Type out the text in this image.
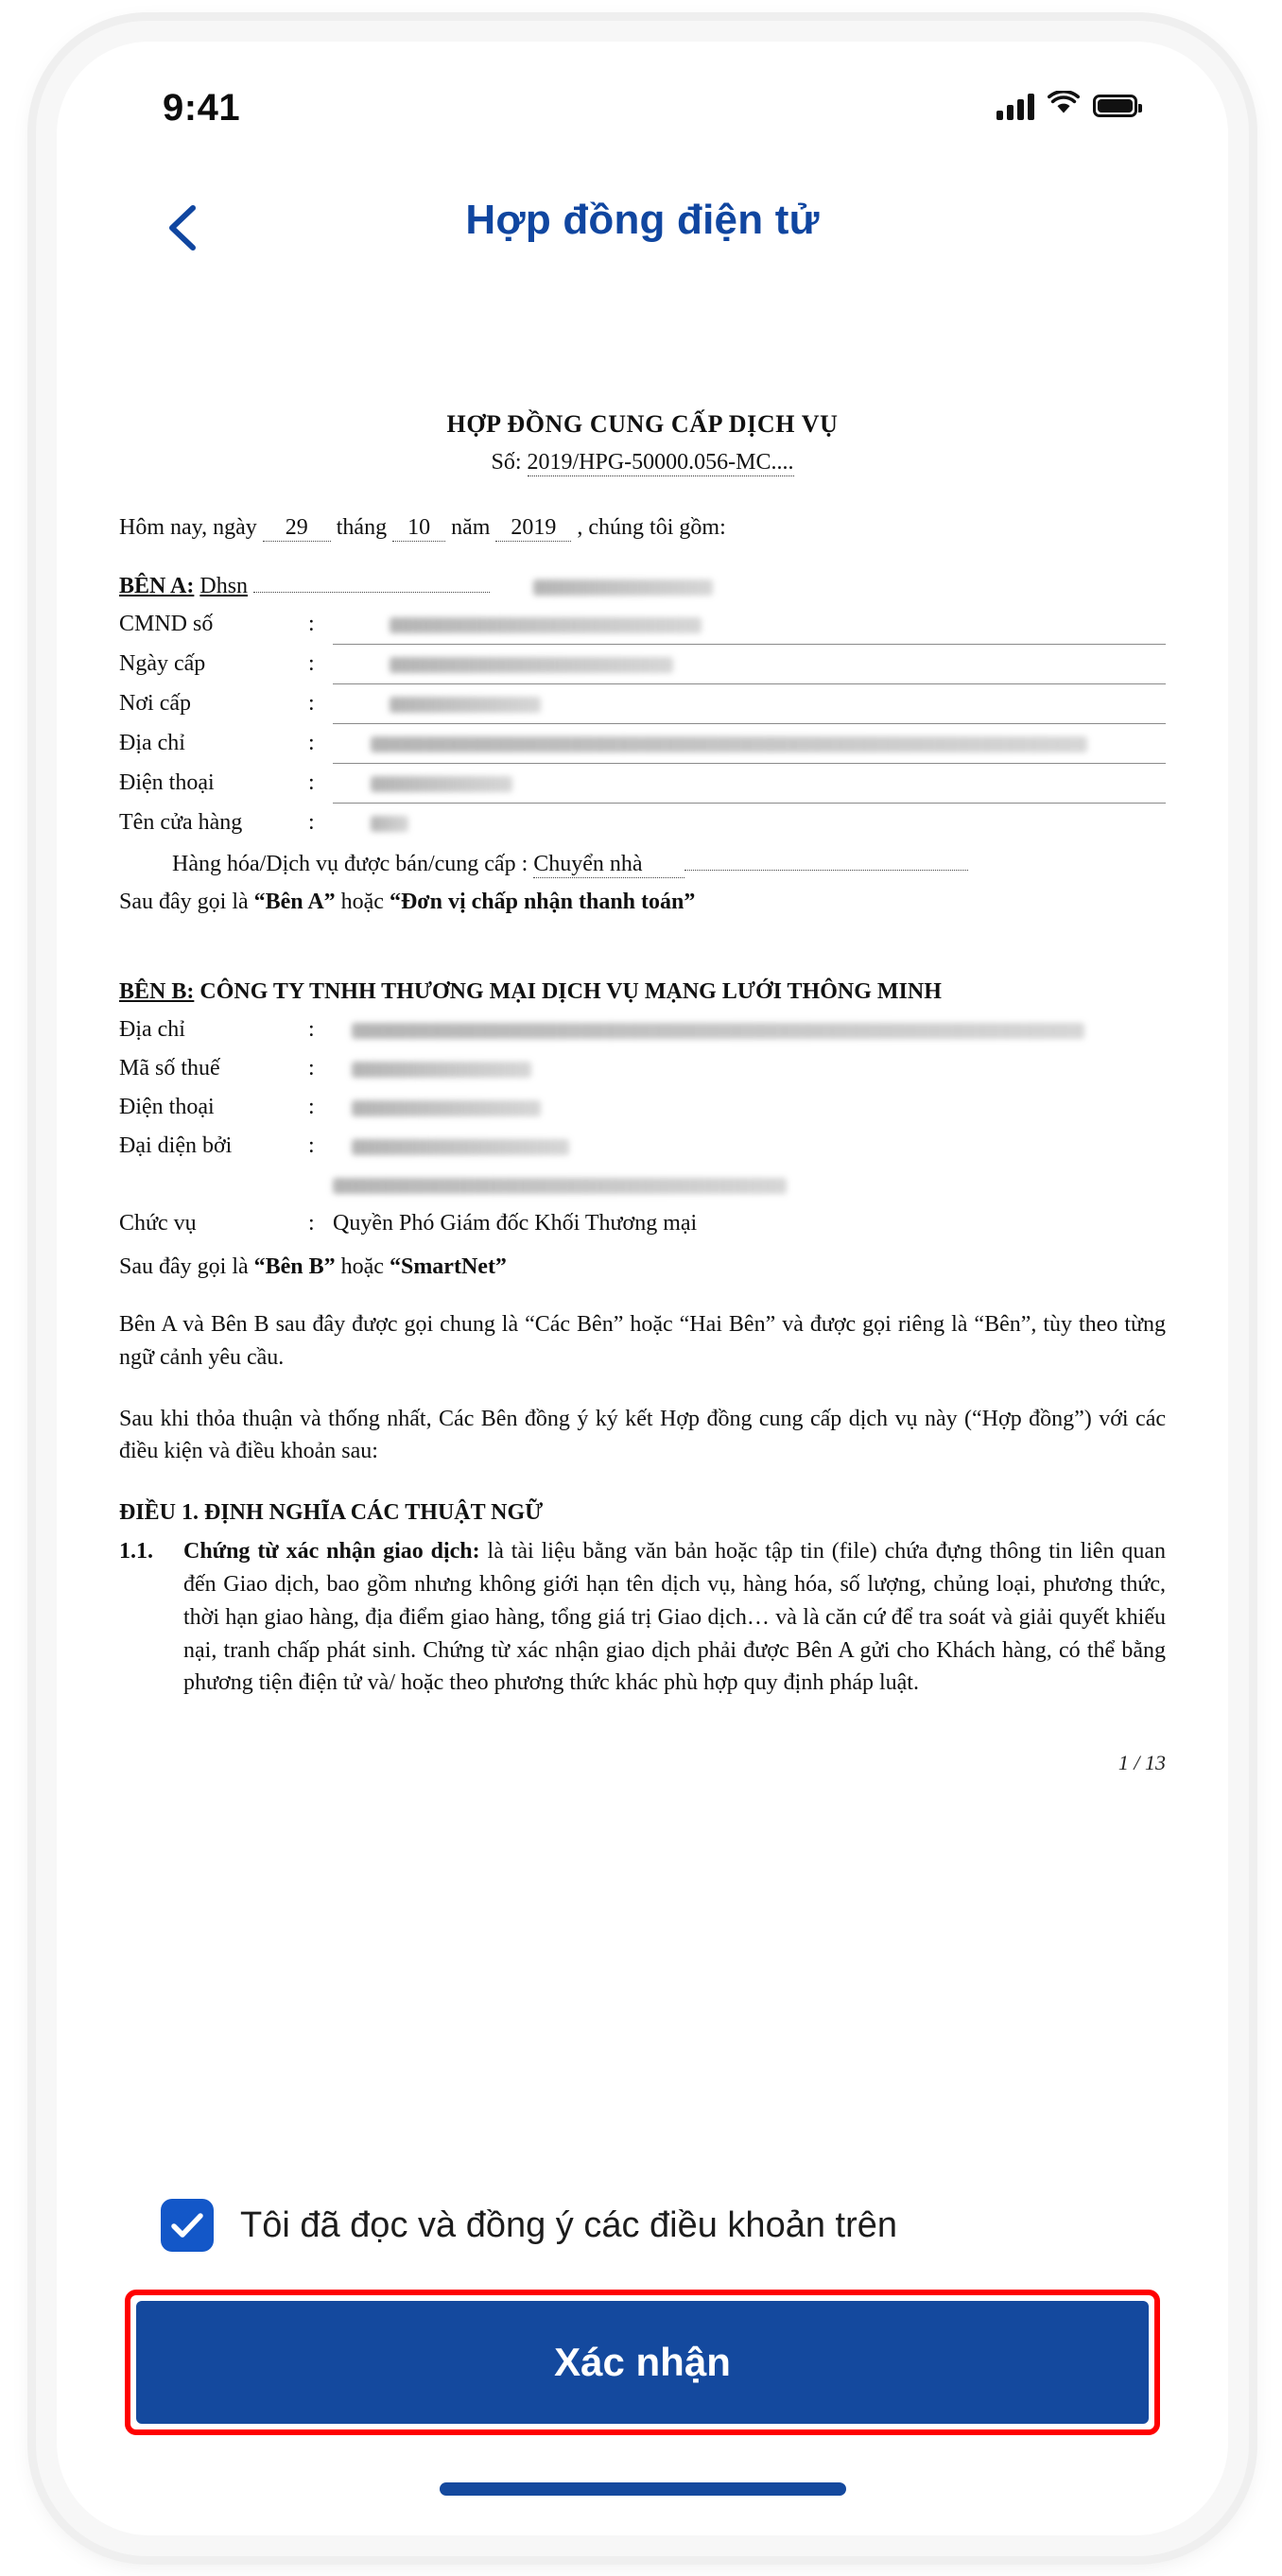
9:41
Hợp đồng điện tử
HỢP ĐỒNG CUNG CẤP DỊCH VỤ
Số: 2019/HPG-50000.056-MC....
Hôm nay, ngày 29 tháng 10 năm 2019 , chúng tôi gồm:
BÊN A: Dhsn
CMND số	:	
Ngày cấp	:	
Nơi cấp	:	
Địa chỉ	:	
Điện thoại	:	
Tên cửa hàng	:	
Hàng hóa/Dịch vụ được bán/cung cấp : Chuyển nhà
Sau đây gọi là “Bên A” hoặc “Đơn vị chấp nhận thanh toán”
BÊN B: CÔNG TY TNHH THƯƠNG MẠI DỊCH VỤ MẠNG LƯỚI THÔNG MINH
Địa chỉ	:	
Mã số thuế	:	
Điện thoại	:	
Đại diện bởi	:	

Chức vụ	:	Quyền Phó Giám đốc Khối Thương mại
Sau đây gọi là “Bên B” hoặc “SmartNet”
Bên A và Bên B sau đây được gọi chung là “Các Bên” hoặc “Hai Bên” và được gọi riêng là “Bên”, tùy theo từng ngữ cảnh yêu cầu.
Sau khi thỏa thuận và thống nhất, Các Bên đồng ý ký kết Hợp đồng cung cấp dịch vụ này (“Hợp đồng”) với các điều kiện và điều khoản sau:
ĐIỀU 1. ĐỊNH NGHĨA CÁC THUẬT NGỮ
1.1.	Chứng từ xác nhận giao dịch: là tài liệu bằng văn bản hoặc tập tin (file) chứa đựng thông tin liên quan đến Giao dịch, bao gồm nhưng không giới hạn tên dịch vụ, hàng hóa, số lượng, chủng loại, phương thức, thời hạn giao hàng, địa điểm giao hàng, tổng giá trị Giao dịch… và là căn cứ để tra soát và giải quyết khiếu nại, tranh chấp phát sinh. Chứng từ xác nhận giao dịch phải được Bên A gửi cho Khách hàng, có thể bằng phương tiện điện tử và/ hoặc theo phương thức khác phù hợp quy định pháp luật.
1 / 13
Tôi đã đọc và đồng ý các điều khoản trên
Xác nhận
